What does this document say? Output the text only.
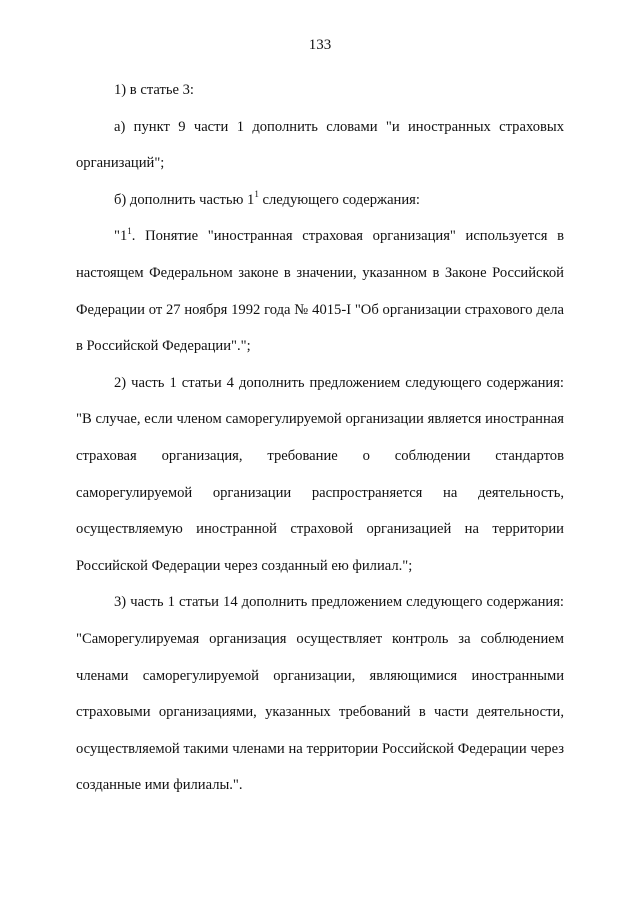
133

1) в статье 3:

а) пункт 9 части 1 дополнить словами "и иностранных страховых организаций";

б) дополнить частью $1^1$ следующего содержания:

"$1^1$. Понятие "иностранная страховая организация" используется в настоящем Федеральном законе в значении, указанном в Законе Российской Федерации от 27 ноября 1992 года № 4015-I "Об организации страхового дела в Российской Федерации".";

2) часть 1 статьи 4 дополнить предложением следующего содержания: "В случае, если членом саморегулируемой организации является иностранная страховая организация, требование о соблюдении стандартов саморегулируемой организации распространяется на деятельность, осуществляемую иностранной страховой организацией на территории Российской Федерации через созданный ею филиал.";

3) часть 1 статьи 14 дополнить предложением следующего содержания: "Саморегулируемая организация осуществляет контроль за соблюдением членами саморегулируемой организации, являющимися иностранными страховыми организациями, указанных требований в части деятельности, осуществляемой такими членами на территории Российской Федерации через созданные ими филиалы.".
